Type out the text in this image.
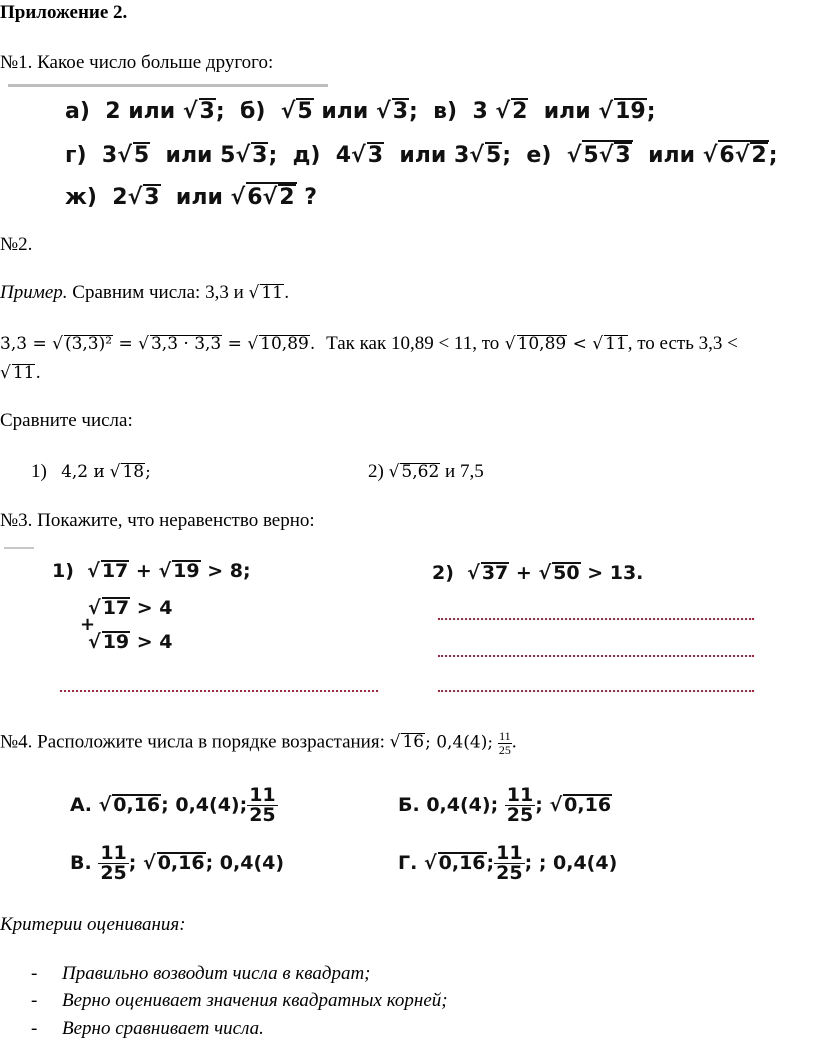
Приложение 2.
№1. Какое число больше другого:
а) 2 или √3;  б) √5 или √3;  в) 3 √2 или √19;
г) 3√5 или 5√3;  д) 4√3 или 3√5;  е) √5√3 или √6√2;
ж) 2√3 или √6√2 ?
№2.
Пример. Сравним числа: 3,3 и √ 11.
3,3 = √ (3,3)² = √ 3,3 · 3,3 = √ 10,89.  Так как 10,89 < 11, то √ 10,89 < √ 11, то есть 3,3 <
√ 11.
Сравните числа:
1) 4,2 и √ 18;	2) √ 5,62 и 7,5
№3. Покажите, что неравенство верно:
1) √ 17 + √ 19 > 8;
√ 17 > 4
+
√ 19 > 4
2) √ 37 + √ 50 > 13.
№4. Расположите числа в порядке возрастания: √ 16; 0,4(4); $\frac{11}{25}$ .
А. √ 0,16; 0,4(4); $\frac{11}{25}$	Б. 0,4(4); $\frac{11}{25}$ ; √ 0,16
В. $\frac{11}{25}$ ; √ 0,16; 0,4(4)	Г. √ 0,16; $\frac{11}{25}$ ; ; 0,4(4)
Критерии оценивания:
- Правильно возводит числа в квадрат;
- Верно оценивает значения квадратных корней;
- Верно сравнивает числа.
